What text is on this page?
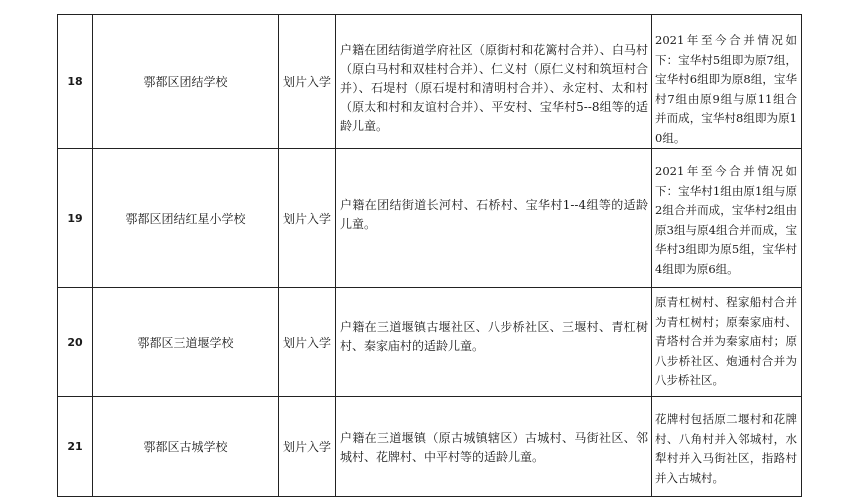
18	鄠都区团结学校	划片入学	户籍在团结街道学府社区（原街村和花篱村合并）、白马村（原白马村和双桂村合并）、仁义村（原仁义村和筑垣村合并）、石堤村（原石堤村和清明村合并）、永定村、太和村（原太和村和友谊村合并）、平安村、宝华村5--8组等的适龄儿童。	2021年至今合并情况如下：宝华村5组即为原7组，宝华村6组即为原8组，宝华村7组由原9组与原11组合并而成，宝华村8组即为原10组。

19	鄠都区团结红星小学校	划片入学	户籍在团结街道长河村、石桥村、宝华村1--4组等的适龄儿童。	2021年至今合并情况如下：宝华村1组由原1组与原2组合并而成，宝华村2组由原3组与原4组合并而成，宝华村3组即为原5组，宝华村4组即为原6组。

20	鄠都区三道堰学校	划片入学	户籍在三道堰镇古堰社区、八步桥社区、三堰村、青杠树村、秦家庙村的适龄儿童。	原青杠树村、程家船村合并为青杠树村；原秦家庙村、青塔村合并为秦家庙村；原八步桥社区、炮通村合并为八步桥社区。

21	鄠都区古城学校	划片入学	户籍在三道堰镇（原古城镇辖区）古城村、马街社区、邻城村、花牌村、中平村等的适龄儿童。	花牌村包括原二堰村和花牌村、八角村并入邻城村，水犁村并入马街社区，指路村并入古城村。
